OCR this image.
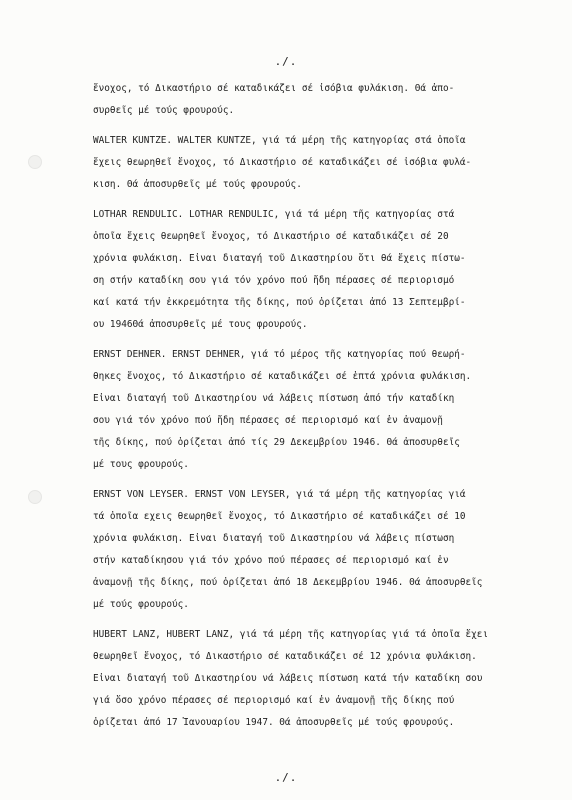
./.
ἔνοχος, τό Δικαστήριο σέ καταδικάζει σέ ἰσόβια φυλάκιση. Θά ἀπο-
συρθεῖς μέ τούς φρουρούς.
WALTER KUNTZE. WALTER KUNTZE, γιά τά μέρη τῆς κατηγορίας στά ὁποῖα
ἔχεις θεωρηθεῖ ἔνοχος, τό Δικαστήριο σέ καταδικάζει σέ ἰσόβια φυλά-
κιση. Θά ἀποσυρθεῖς μέ τούς φρουρούς.
LOTHAR RENDULIC. LOTHAR RENDULIC, γιά τά μέρη τῆς κατηγορίας στά
ὁποῖα ἔχεις θεωρηθεῖ ἔνοχος, τό Δικαστήριο σέ καταδικάζει σέ 20
χρόνια φυλάκιση. Εἶναι διαταγή τοῦ Δικαστηρίου ὅτι θά ἔχεις πίστω-
ση στήν καταδίκη σου γιά τόν χρόνο πού ἤδη πέρασες σέ περιορισμό
καί κατά τήν ἐκκρεμότητα τῆς δίκης, πού ὁρίζεται ἀπό 13 Σεπτεμβρί-
ου 1946Θά ἀποσυρθεῖς μέ τους φρουρούς.
ERNST DEHNER. ERNST DEHNER, γιά τό μέρος τῆς κατηγορίας πού θεωρή-
θηκες ἔνοχος, τό Δικαστήριο σέ καταδικάζει σέ ἑπτά χρόνια φυλάκιση.
Εἶναι διαταγή τοῦ Δικαστηρίου νά λάβεις πίστωση ἀπό τήν καταδίκη
σου γιά τόν χρόνο πού ἤδη πέρασες σέ περιορισμό καί ἐν ἀναμονῇ
τῆς δίκης, πού ὁρίζεται ἀπό τίς 29 Δεκεμβρίου 1946. Θά ἀποσυρθεῖς
μέ τους φρουρούς.
ERNST VON LEYSER. ERNST VON LEYSER, γιά τά μέρη τῆς κατηγορίας γιά
τά ὁποῖα εχεις θεωρηθεῖ ἔνοχος, τό Δικαστήριο σέ καταδικάζει σέ 10
χρόνια φυλάκιση. Εἶναι διαταγή τοῦ Δικαστηρίου νά λάβεις πίστωση
στήν καταδίκησου γιά τόν χρόνο πού πέρασες σέ περιορισμό καί ἐν
ἀναμονῇ τῆς δίκης, πού ὁρίζεται ἀπό 18 Δεκεμβρίου 1946. Θά ἀποσυρθεῖς
μέ τούς φρουρούς.
HUBERT LANZ, HUBERT LANZ, γιά τά μέρη τῆς κατηγορίας γιά τά ὁποῖα ἔχει
θεωρηθεῖ ἔνοχος, τό Δικαστήριο σέ καταδικάζει σέ 12 χρόνια φυλάκιση.
Εἶναι διαταγή τοῦ Δικαστηρίου νά λάβεις πίστωση κατά τήν καταδίκη σου
γιά ὅσο χρόνο πέρασες σέ περιορισμό καί ἐν ἀναμονῇ τῆς δίκης πού
ὁρίζεται ἀπό 17 Ἰανουαρίου 1947. Θά ἀποσυρθεῖς μέ τούς φρουρούς.
./.
